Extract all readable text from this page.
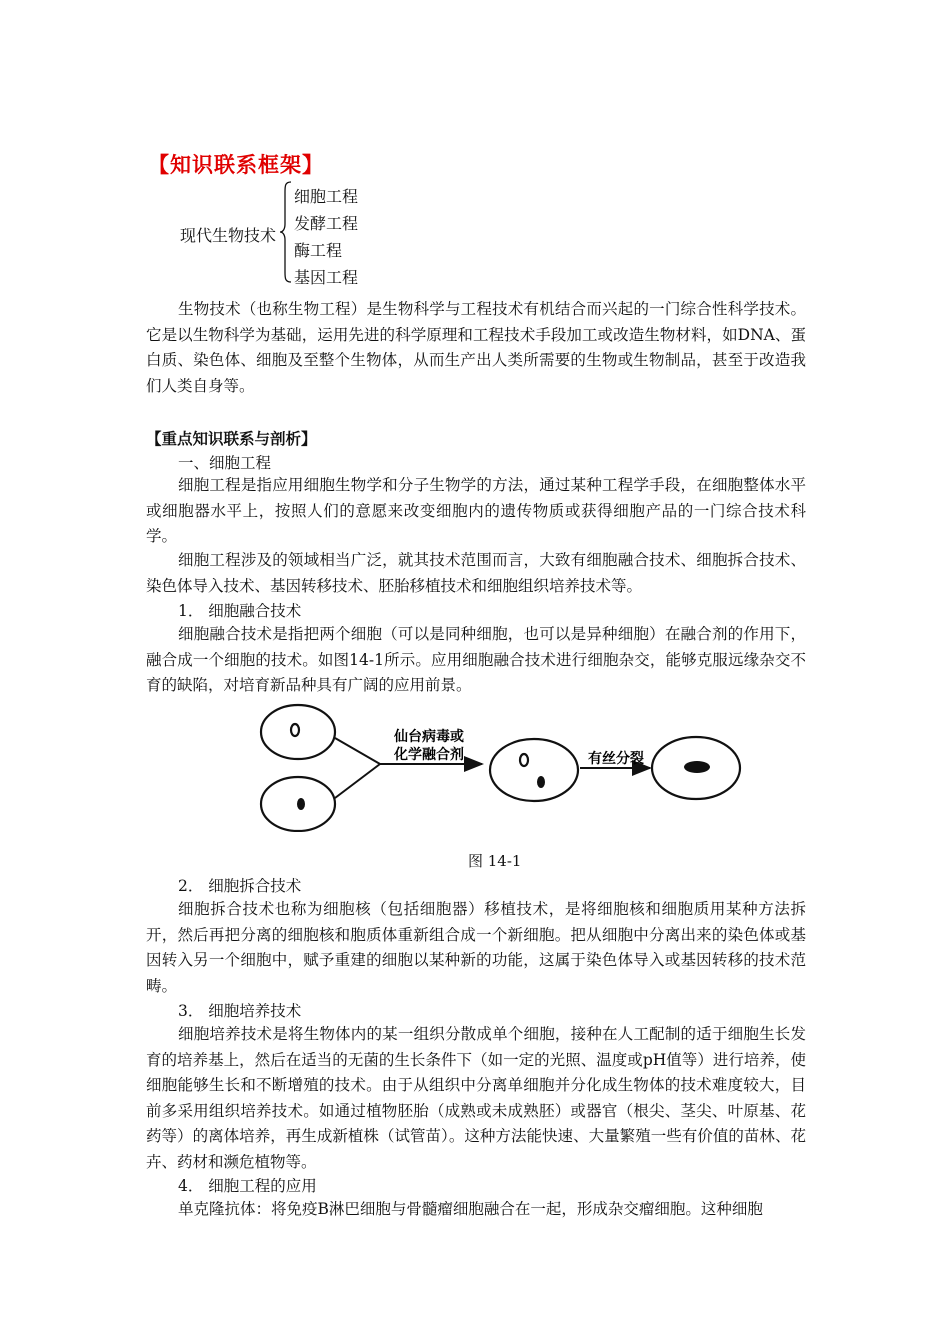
【知识联系框架】
现代生物技术
细胞工程
发酵工程
酶工程
基因工程

生物技术（也称生物工程）是生物科学与工程技术有机结合而兴起的一门综合性科学技术。它是以生物科学为基础，运用先进的科学原理和工程技术手段加工或改造生物材料，如DNA、蛋白质、染色体、细胞及至整个生物体，从而生产出人类所需要的生物或生物制品，甚至于改造我们人类自身等。

【重点知识联系与剖析】
一、细胞工程

细胞工程是指应用细胞生物学和分子生物学的方法，通过某种工程学手段，在细胞整体水平或细胞器水平上，按照人们的意愿来改变细胞内的遗传物质或获得细胞产品的一门综合技术科学。

细胞工程涉及的领域相当广泛，就其技术范围而言，大致有细胞融合技术、细胞拆合技术、染色体导入技术、基因转移技术、胚胎移植技术和细胞组织培养技术等。

1． 细胞融合技术

细胞融合技术是指把两个细胞（可以是同种细胞，也可以是异种细胞）在融合剂的作用下，融合成一个细胞的技术。如图14-1所示。应用细胞融合技术进行细胞杂交，能够克服远缘杂交不育的缺陷，对培育新品种具有广阔的应用前景。

仙台病毒或
化学融合剂	有丝分裂
图 14-1
2． 细胞拆合技术

细胞拆合技术也称为细胞核（包括细胞器）移植技术，是将细胞核和细胞质用某种方法拆开，然后再把分离的细胞核和胞质体重新组合成一个新细胞。把从细胞中分离出来的染色体或基因转入另一个细胞中，赋予重建的细胞以某种新的功能，这属于染色体导入或基因转移的技术范畴。

3． 细胞培养技术

细胞培养技术是将生物体内的某一组织分散成单个细胞，接种在人工配制的适于细胞生长发育的培养基上，然后在适当的无菌的生长条件下（如一定的光照、温度或pH值等）进行培养，使细胞能够生长和不断增殖的技术。由于从组织中分离单细胞并分化成生物体的技术难度较大，目前多采用组织培养技术。如通过植物胚胎（成熟或未成熟胚）或器官（根尖、茎尖、叶原基、花药等）的离体培养，再生成新植株（试管苗）。这种方法能快速、大量繁殖一些有价值的苗林、花卉、药材和濒危植物等。

4． 细胞工程的应用

单克隆抗体：将免疫B淋巴细胞与骨髓瘤细胞融合在一起，形成杂交瘤细胞。这种细胞
